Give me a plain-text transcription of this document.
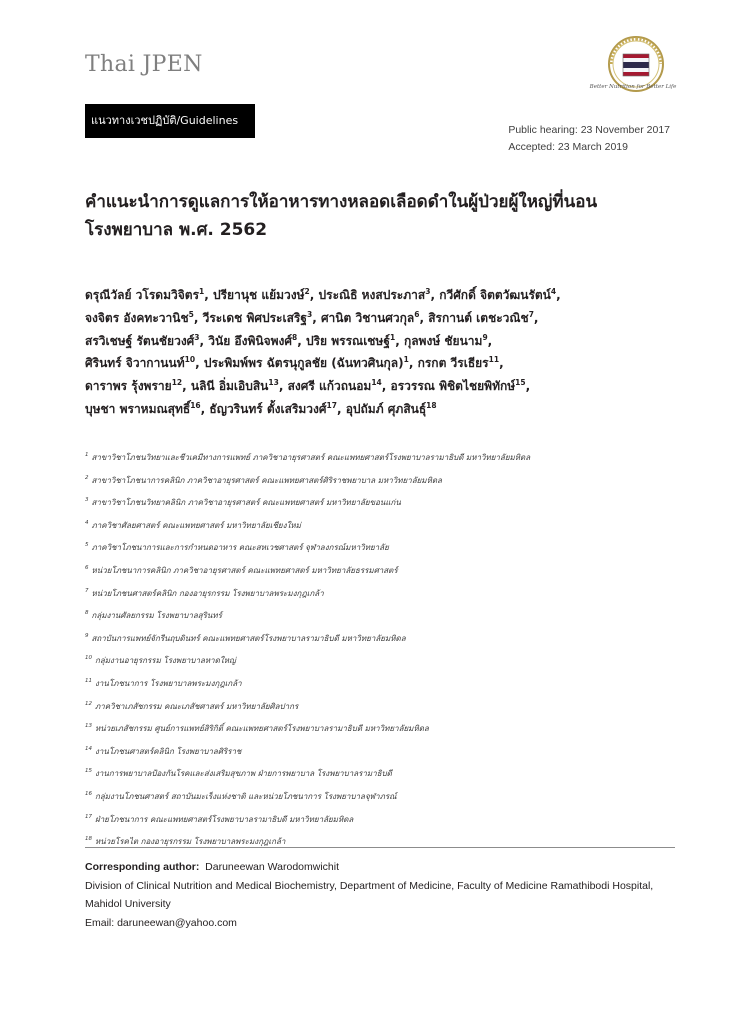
Thai JPEN
Better Nutrition for Better Life
แนวทางเวชปฏิบัติ/Guidelines
Public hearing: 23 November 2017
Accepted: 23 March 2019
คำแนะนำการดูแลการให้อาหารทางหลอดเลือดดำในผู้ป่วยผู้ใหญ่ที่นอน
โรงพยาบาล พ.ศ. 2562
ดรุณีวัลย์ วโรดมวิจิตร$^1$, ปรียานุช แย้มวงษ์$^2$, ประณิธิ หงสประภาส$^3$, กวีศักดิ์ จิตตวัฒนรัตน์$^4$,
จงจิตร อังคทะวานิช$^5$, วีระเดช พิศประเสริฐ$^3$, ศานิต วิชานศวกุล$^6$, สิรกานต์ เตชะวณิช$^7$,
สรวิเชษฐ์ รัตนชัยวงศ์$^3$, วินัย อึงพินิจพงศ์$^8$, ปริย พรรณเชษฐ์$^1$, กุลพงษ์ ชัยนาม$^9$,
ศิรินทร์ จิวากานนท์$^{10}$, ประพิมพ์พร ฉัตรนุกูลชัย (ฉันทวศินกุล)$^1$, กรกต วีรเธียร$^{11}$,
ดาราพร รุ้งพราย$^{12}$, นลินี อิ่มเอิบสิน$^{13}$, สงศรี แก้วถนอม$^{14}$, อรวรรณ พิชิตไชยพิทักษ์$^{15}$,
บุษชา พราหมณสุทธิ์$^{16}$, ธัญวรินทร์ ตั้งเสริมวงศ์$^{17}$, อุปถัมภ์ ศุภสินธุ์$^{18}$
$^1$ สาขาวิชาโภชนวิทยาและชีวเคมีทางการแพทย์ ภาควิชาอายุรศาสตร์ คณะแพทยศาสตร์โรงพยาบาลรามาธิบดี มหาวิทยาลัยมหิดล
$^2$ สาขาวิชาโภชนาการคลินิก ภาควิชาอายุรศาสตร์ คณะแพทยศาสตร์ศิริราชพยาบาล มหาวิทยาลัยมหิดล
$^3$ สาขาวิชาโภชนวิทยาคลินิก ภาควิชาอายุรศาสตร์ คณะแพทยศาสตร์ มหาวิทยาลัยขอนแก่น
$^4$ ภาควิชาศัลยศาสตร์ คณะแพทยศาสตร์ มหาวิทยาลัยเชียงใหม่
$^5$ ภาควิชาโภชนาการและการกำหนดอาหาร คณะสหเวชศาสตร์ จุฬาลงกรณ์มหาวิทยาลัย
$^6$ หน่วยโภชนาการคลินิก ภาควิชาอายุรศาสตร์ คณะแพทยศาสตร์ มหาวิทยาลัยธรรมศาสตร์
$^7$ หน่วยโภชนศาสตร์คลินิก กองอายุรกรรม โรงพยาบาลพระมงกุฎเกล้า
$^8$ กลุ่มงานศัลยกรรม โรงพยาบาลสุรินทร์
$^9$ สถาบันการแพทย์จักรีนฤบดินทร์ คณะแพทยศาสตร์โรงพยาบาลรามาธิบดี มหาวิทยาลัยมหิดล
$^{10}$ กลุ่มงานอายุรกรรม โรงพยาบาลหาดใหญ่
$^{11}$ งานโภชนาการ โรงพยาบาลพระมงกุฎเกล้า
$^{12}$ ภาควิชาเภสัชกรรม คณะเภสัชศาสตร์ มหาวิทยาลัยศิลปากร
$^{13}$ หน่วยเภสัชกรรม ศูนย์การแพทย์สิริกิติ์ คณะแพทยศาสตร์โรงพยาบาลรามาธิบดี มหาวิทยาลัยมหิดล
$^{14}$ งานโภชนศาสตร์คลินิก โรงพยาบาลศิริราช
$^{15}$ งานการพยาบาลป้องกันโรคและส่งเสริมสุขภาพ ฝ่ายการพยาบาล โรงพยาบาลรามาธิบดี
$^{16}$ กลุ่มงานโภชนศาสตร์ สถาบันมะเร็งแห่งชาติ และหน่วยโภชนาการ โรงพยาบาลจุฬาภรณ์
$^{17}$ ฝ่ายโภชนาการ คณะแพทยศาสตร์โรงพยาบาลรามาธิบดี มหาวิทยาลัยมหิดล
$^{18}$ หน่วยโรคไต กองอายุรกรรม โรงพยาบาลพระมงกุฎเกล้า
Corresponding author: Daruneewan Warodomwichit
Division of Clinical Nutrition and Medical Biochemistry, Department of Medicine, Faculty of Medicine Ramathibodi Hospital,
Mahidol University
Email: daruneewan@yahoo.com
